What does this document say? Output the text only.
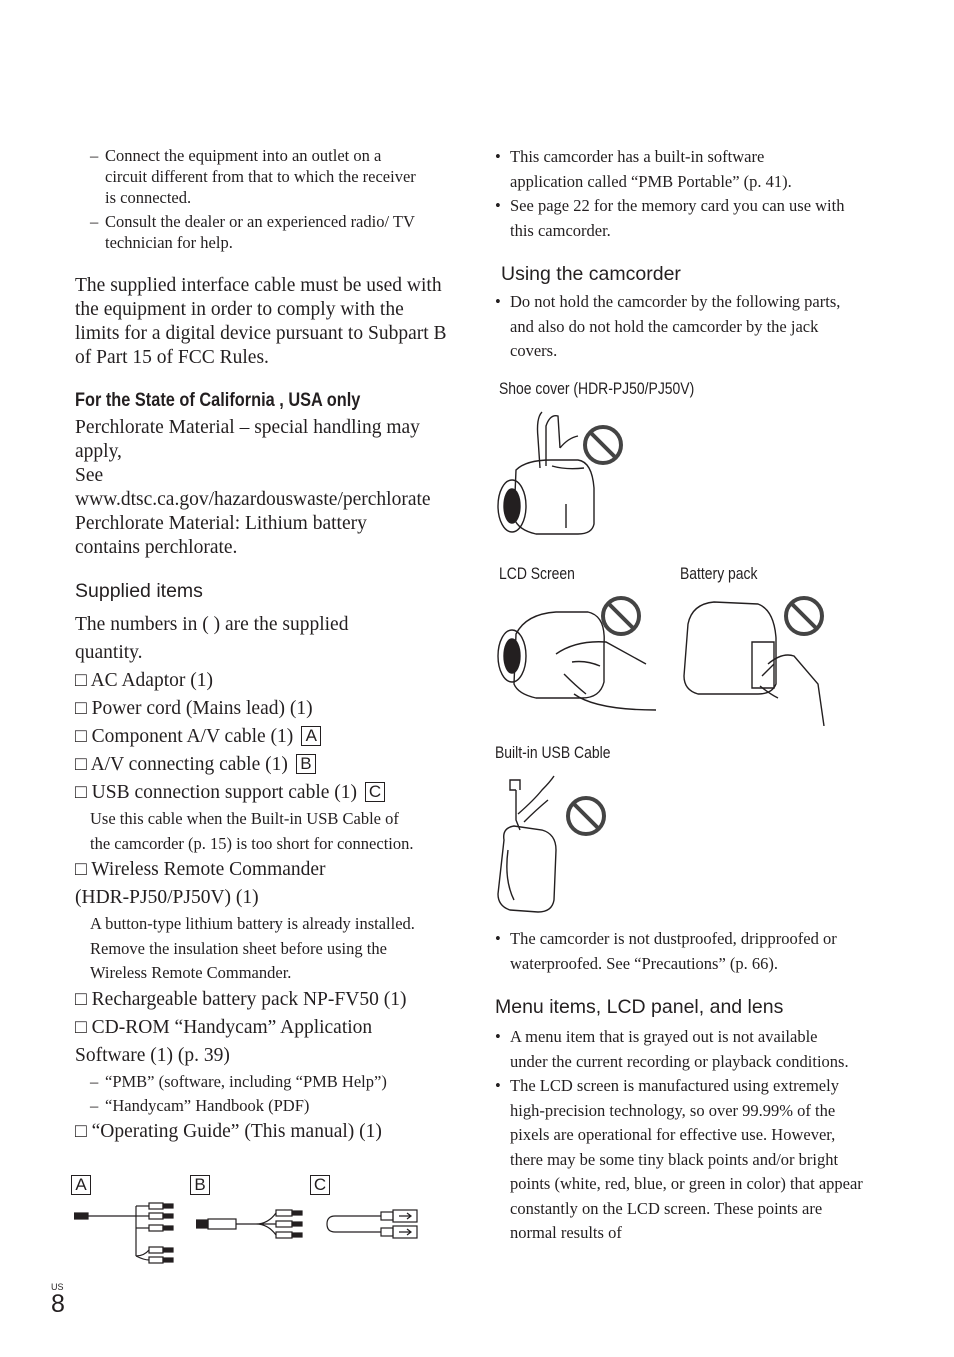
– Connect the equipment into an outlet on a circuit different from that to which the receiver is connected.
– Consult the dealer or an experienced radio/ TV technician for help.

The supplied interface cable must be used with the equipment in order to comply with the limits for a digital device pursuant to Subpart B of Part 15 of FCC Rules.

For the State of California , USA only

Perchlorate Material – special handling may apply,

See

www.dtsc.ca.gov/hazardouswaste/perchlorate

Perchlorate Material: Lithium battery contains perchlorate.

Supplied items

The numbers in ( ) are the supplied quantity.

□ AC Adaptor (1)

□ Power cord (Mains lead) (1)

□ Component A/V cable (1) A

□ A/V connecting cable (1) B

□ USB connection support cable (1) C

Use this cable when the Built-in USB Cable of the camcorder (p. 15) is too short for connection.

□ Wireless Remote Commander (HDR-PJ50/PJ50V) (1)

A button-type lithium battery is already installed. Remove the insulation sheet before using the Wireless Remote Commander.

□ Rechargeable battery pack NP-FV50 (1)

□ CD-ROM “Handycam” Application Software (1) (p. 39)

– “PMB” (software, including “PMB Help”)
– “Handycam” Handbook (PDF)

□ “Operating Guide” (This manual) (1)

A	B	C
• This camcorder has a built-in software application called “PMB Portable” (p. 41).
• See page 22 for the memory card you can use with this camcorder.

Using the camcorder

• Do not hold the camcorder by the following parts, and also do not hold the camcorder by the jack covers.
Shoe cover (HDR-PJ50/PJ50V)
LCD Screen	Battery pack
Built-in USB Cable
• The camcorder is not dustproofed, dripproofed or waterproofed. See “Precautions” (p. 66).

Menu items, LCD panel, and lens

• A menu item that is grayed out is not available under the current recording or playback conditions.
• The LCD screen is manufactured using extremely high-precision technology, so over 99.99% of the pixels are operational for effective use. However, there may be some tiny black points and/or bright points (white, red, blue, or green in color) that appear constantly on the LCD screen. These points are normal results of
US
8
